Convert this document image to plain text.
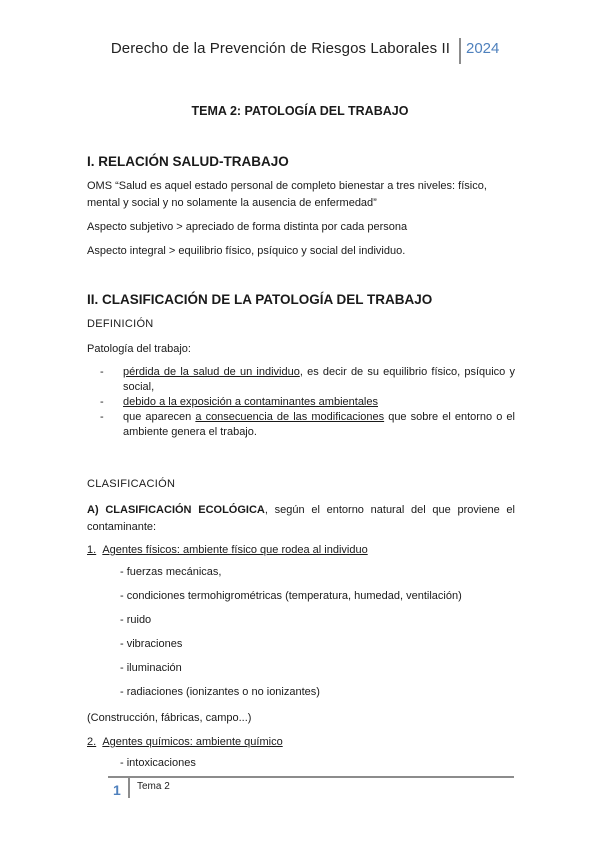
Derecho de la Prevención de Riesgos Laborales II 2024
TEMA 2: PATOLOGÍA DEL TRABAJO
I. RELACIÓN SALUD-TRABAJO
OMS “Salud es aquel estado personal de completo bienestar a tres niveles: físico, mental y social y no solamente la ausencia de enfermedad”
Aspecto subjetivo > apreciado de forma distinta por cada persona
Aspecto integral > equilibrio físico, psíquico y social del individuo.
II. CLASIFICACIÓN DE LA PATOLOGÍA DEL TRABAJO
DEFINICIÓN
Patología del trabajo:
- pérdida de la salud de un individuo, es decir de su equilibrio físico, psíquico y social,
- debido a la exposición a contaminantes ambientales
- que aparecen a consecuencia de las modificaciones que sobre el entorno o el ambiente genera el trabajo.
CLASIFICACIÓN
A) CLASIFICACIÓN ECOLÓGICA, según el entorno natural del que proviene el contaminante:
1. Agentes físicos: ambiente físico que rodea al individuo
- fuerzas mecánicas,
- condiciones termohigrométricas (temperatura, humedad, ventilación)
- ruido
- vibraciones
- iluminación
- radiaciones (ionizantes o no ionizantes)
(Construcción, fábricas, campo...)
2. Agentes químicos: ambiente químico
- intoxicaciones
1 Tema 2
